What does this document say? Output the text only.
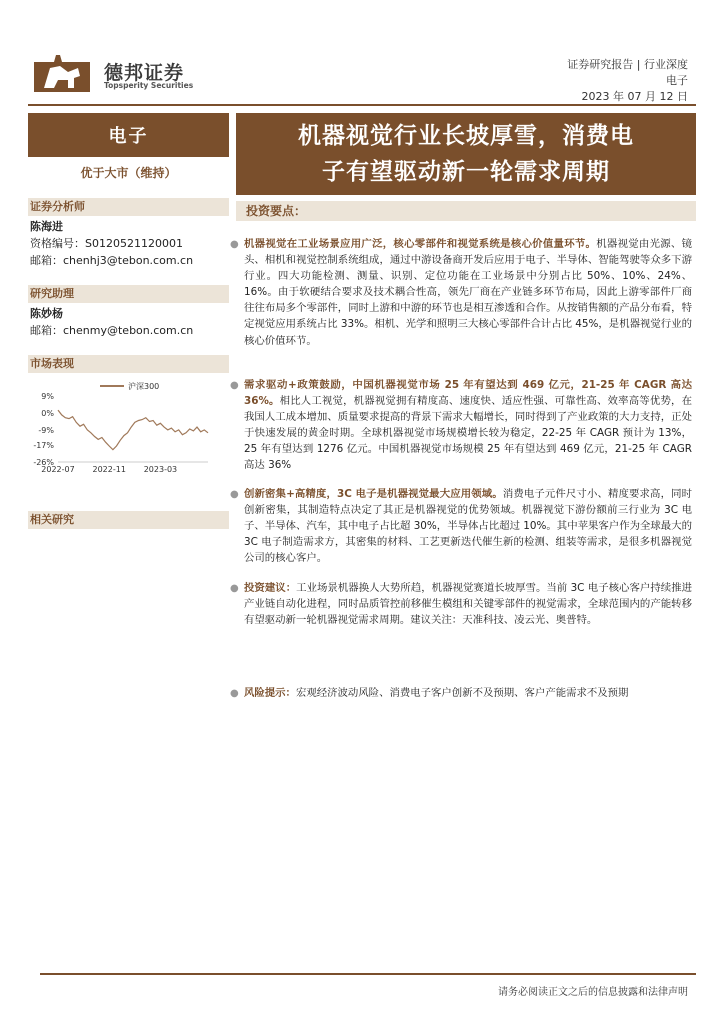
德邦证券
Topsperity Securities
证券研究报告 | 行业深度
电子
2023 年 07 月 12 日
电子
优于大市（维持）
证券分析师
陈海进
资格编号：S0120521120001
邮箱：chenhj3@tebon.com.cn
研究助理
陈妙杨
邮箱：chenmy@tebon.com.cn
市场表现
9%
0%
-9%
-17%
-26%
2022-07 2022-11 2023-03
沪深300
相关研究
机器视觉行业长坡厚雪，消费电
子有望驱动新一轮需求周期
投资要点：
● 机器视觉在工业场景应用广泛，核心零部件和视觉系统是核心价值量环节。机器视觉由光源、镜头、相机和视觉控制系统组成，通过中游设备商开发后应用于电子、半导体、智能驾驶等众多下游行业。四大功能检测、测量、识别、定位功能在工业场景中分别占比 50%、10%、24%、16%。由于软硬结合要求及技术耦合性高，领先厂商在产业链多环节布局，因此上游零部件厂商往往布局多个零部件，同时上游和中游的环节也是相互渗透和合作。从按销售额的产品分布看，特定视觉应用系统占比 33%。相机、光学和照明三大核心零部件合计占比 45%，是机器视觉行业的核心价值环节。
● 需求驱动+政策鼓励，中国机器视觉市场 25 年有望达到 469 亿元，21-25 年 CAGR 高达 36%。相比人工视觉，机器视觉拥有精度高、速度快、适应性强、可靠性高、效率高等优势，在我国人工成本增加、质量要求提高的背景下需求大幅增长，同时得到了产业政策的大力支持，正处于快速发展的黄金时期。全球机器视觉市场规模增长较为稳定，22-25 年 CAGR 预计为 13%，25 年有望达到 1276 亿元。中国机器视觉市场规模 25 年有望达到 469 亿元，21-25 年 CAGR 高达 36%
● 创新密集+高精度，3C 电子是机器视觉最大应用领域。消费电子元件尺寸小、精度要求高，同时创新密集，其制造特点决定了其正是机器视觉的优势领域。机器视觉下游份额前三行业为 3C 电子、半导体、汽车，其中电子占比超 30%，半导体占比超过 10%。其中苹果客户作为全球最大的 3C 电子制造需求方，其密集的材料、工艺更新迭代催生新的检测、组装等需求，是很多机器视觉公司的核心客户。
● 投资建议：工业场景机器换人大势所趋，机器视觉赛道长坡厚雪。当前 3C 电子核心客户持续推进产业链自动化进程，同时品质管控前移催生模组和关键零部件的视觉需求，全球范围内的产能转移有望驱动新一轮机器视觉需求周期。建议关注：天准科技、凌云光、奥普特。
● 风险提示：宏观经济波动风险、消费电子客户创新不及预期、客户产能需求不及预期
请务必阅读正文之后的信息披露和法律声明
